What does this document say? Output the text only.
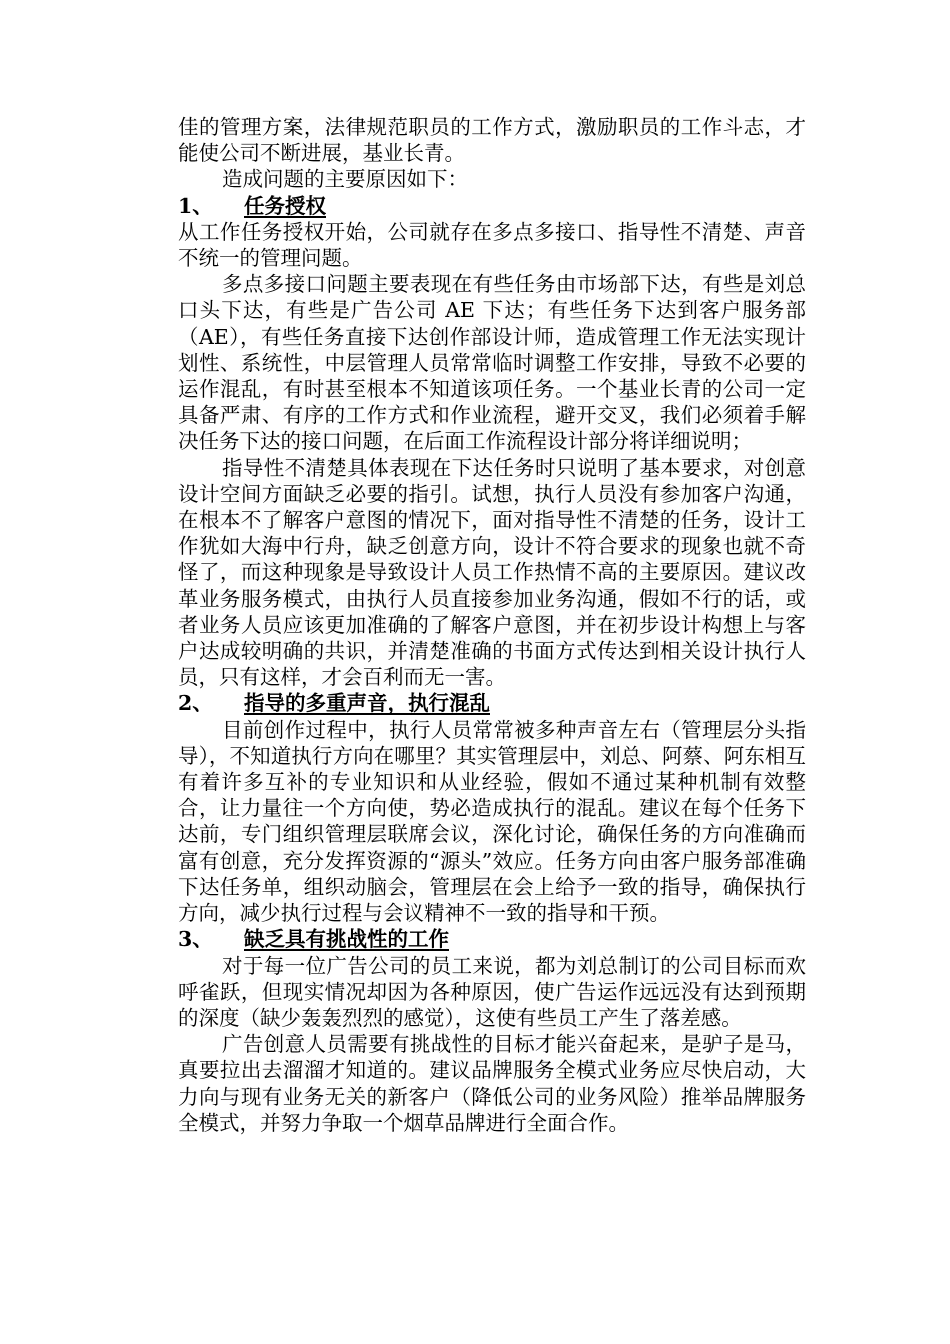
佳的管理方案，法律规范职员的工作方式，激励职员的工作斗志，才能使公司不断进展，基业长青。

造成问题的主要原因如下：

1、 任务授权

从工作任务授权开始，公司就存在多点多接口、指导性不清楚、声音不统一的管理问题。

多点多接口问题主要表现在有些任务由市场部下达，有些是刘总口头下达，有些是广告公司 AE 下达；有些任务下达到客户服务部（AE），有些任务直接下达创作部设计师，造成管理工作无法实现计划性、系统性，中层管理人员常常临时调整工作安排，导致不必要的运作混乱，有时甚至根本不知道该项任务。一个基业长青的公司一定具备严肃、有序的工作方式和作业流程，避开交叉，我们必须着手解决任务下达的接口问题，在后面工作流程设计部分将详细说明；

指导性不清楚具体表现在下达任务时只说明了基本要求，对创意设计空间方面缺乏必要的指引。试想，执行人员没有参加客户沟通，在根本不了解客户意图的情况下，面对指导性不清楚的任务，设计工作犹如大海中行舟，缺乏创意方向，设计不符合要求的现象也就不奇怪了，而这种现象是导致设计人员工作热情不高的主要原因。建议改革业务服务模式，由执行人员直接参加业务沟通，假如不行的话，或者业务人员应该更加准确的了解客户意图，并在初步设计构想上与客户达成较明确的共识，并清楚准确的书面方式传达到相关设计执行人员，只有这样，才会百利而无一害。

2、 指导的多重声音，执行混乱

目前创作过程中，执行人员常常被多种声音左右（管理层分头指导），不知道执行方向在哪里？其实管理层中，刘总、阿蔡、阿东相互有着许多互补的专业知识和从业经验，假如不通过某种机制有效整合，让力量往一个方向使，势必造成执行的混乱。建议在每个任务下达前，专门组织管理层联席会议，深化讨论，确保任务的方向准确而富有创意，充分发挥资源的“源头”效应。任务方向由客户服务部准确下达任务单，组织动脑会，管理层在会上给予一致的指导，确保执行方向，减少执行过程与会议精神不一致的指导和干预。

3、 缺乏具有挑战性的工作

对于每一位广告公司的员工来说，都为刘总制订的公司目标而欢呼雀跃，但现实情况却因为各种原因，使广告运作远远没有达到预期的深度（缺少轰轰烈烈的感觉），这使有些员工产生了落差感。

广告创意人员需要有挑战性的目标才能兴奋起来，是驴子是马，真要拉出去溜溜才知道的。建议品牌服务全模式业务应尽快启动，大力向与现有业务无关的新客户（降低公司的业务风险）推举品牌服务全模式，并努力争取一个烟草品牌进行全面合作。
